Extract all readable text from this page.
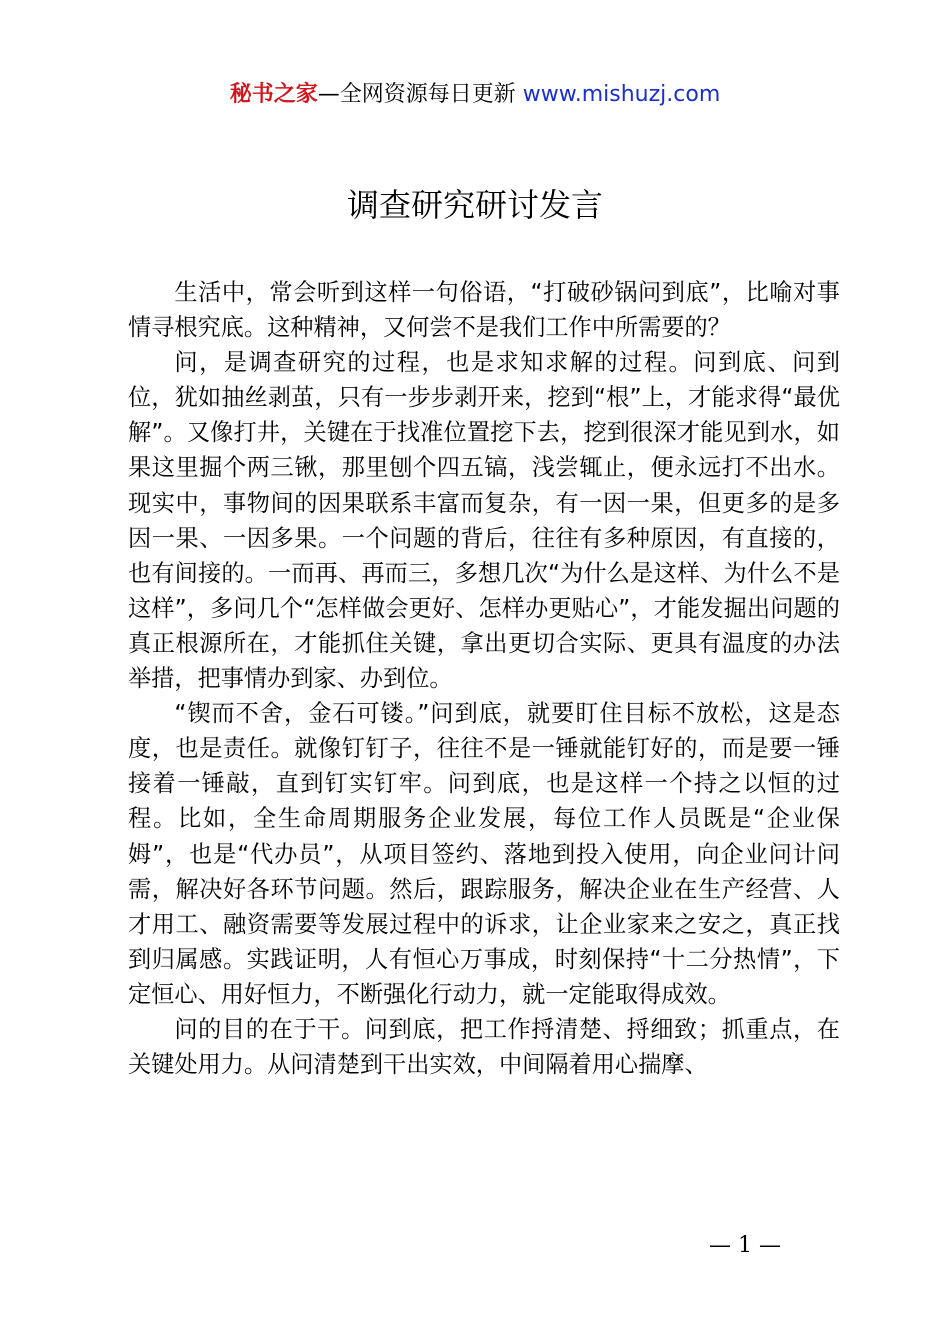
秘书之家—全网资源每日更新 www.mishuzj.com
调查研究研讨发言

生活中，常会听到这样一句俗语，“打破砂锅问到底”，比喻对事情寻根究底。这种精神，又何尝不是我们工作中所需要的？

问，是调查研究的过程，也是求知求解的过程。问到底、问到位，犹如抽丝剥茧，只有一步步剥开来，挖到“根”上，才能求得“最优解”。又像打井，关键在于找准位置挖下去，挖到很深才能见到水，如果这里掘个两三锹，那里刨个四五镐，浅尝辄止，便永远打不出水。现实中，事物间的因果联系丰富而复杂，有一因一果，但更多的是多因一果、一因多果。一个问题的背后，往往有多种原因，有直接的，也有间接的。一而再、再而三，多想几次“为什么是这样、为什么不是这样”，多问几个“怎样做会更好、怎样办更贴心”，才能发掘出问题的真正根源所在，才能抓住关键，拿出更切合实际、更具有温度的办法举措，把事情办到家、办到位。

“锲而不舍，金石可镂。”问到底，就要盯住目标不放松，这是态度，也是责任。就像钉钉子，往往不是一锤就能钉好的，而是要一锤接着一锤敲，直到钉实钉牢。问到底，也是这样一个持之以恒的过程。比如，全生命周期服务企业发展，每位工作人员既是“企业保姆”，也是“代办员”，从项目签约、落地到投入使用，向企业问计问需，解决好各环节问题。然后，跟踪服务，解决企业在生产经营、人才用工、融资需要等发展过程中的诉求，让企业家来之安之，真正找到归属感。实践证明，人有恒心万事成，时刻保持“十二分热情”，下定恒心、用好恒力，不断强化行动力，就一定能取得成效。

问的目的在于干。问到底，把工作捋清楚、捋细致；抓重点，在关键处用力。从问清楚到干出实效，中间隔着用心揣摩、

— 1 —
